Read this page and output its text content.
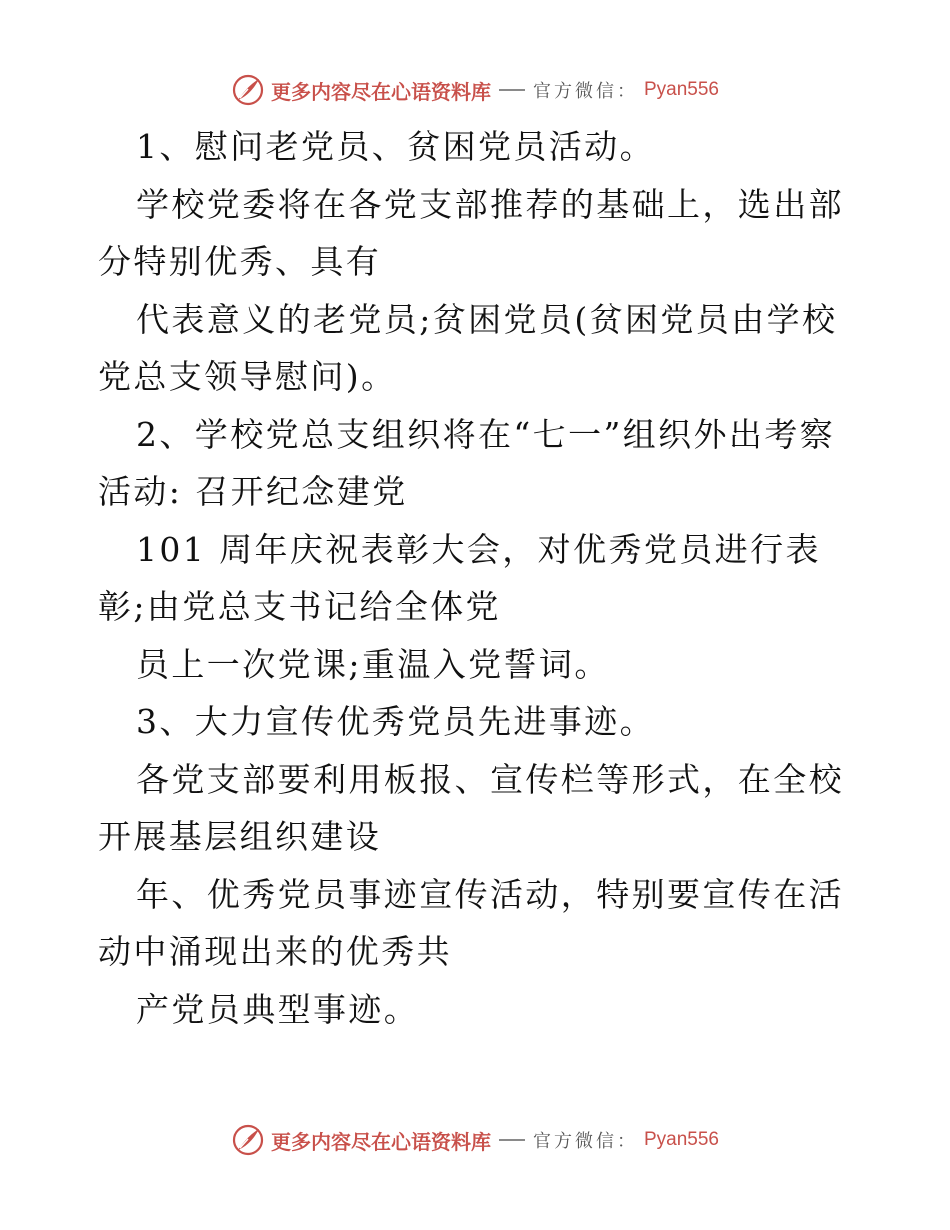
更多内容尽在心语资料库 官方微信： Pyan556

1、慰问老党员、贫困党员活动。

学校党委将在各党支部推荐的基础上，选出部分特别优秀、具有

代表意义的老党员;贫困党员(贫困党员由学校党总支领导慰问)。

2、学校党总支组织将在“七一”组织外出考察活动: 召开纪念建党

101 周年庆祝表彰大会，对优秀党员进行表彰;由党总支书记给全体党

员上一次党课;重温入党誓词。

3、大力宣传优秀党员先进事迹。

各党支部要利用板报、宣传栏等形式，在全校开展基层组织建设

年、优秀党员事迹宣传活动，特别要宣传在活动中涌现出来的优秀共

产党员典型事迹。

更多内容尽在心语资料库 官方微信： Pyan556
